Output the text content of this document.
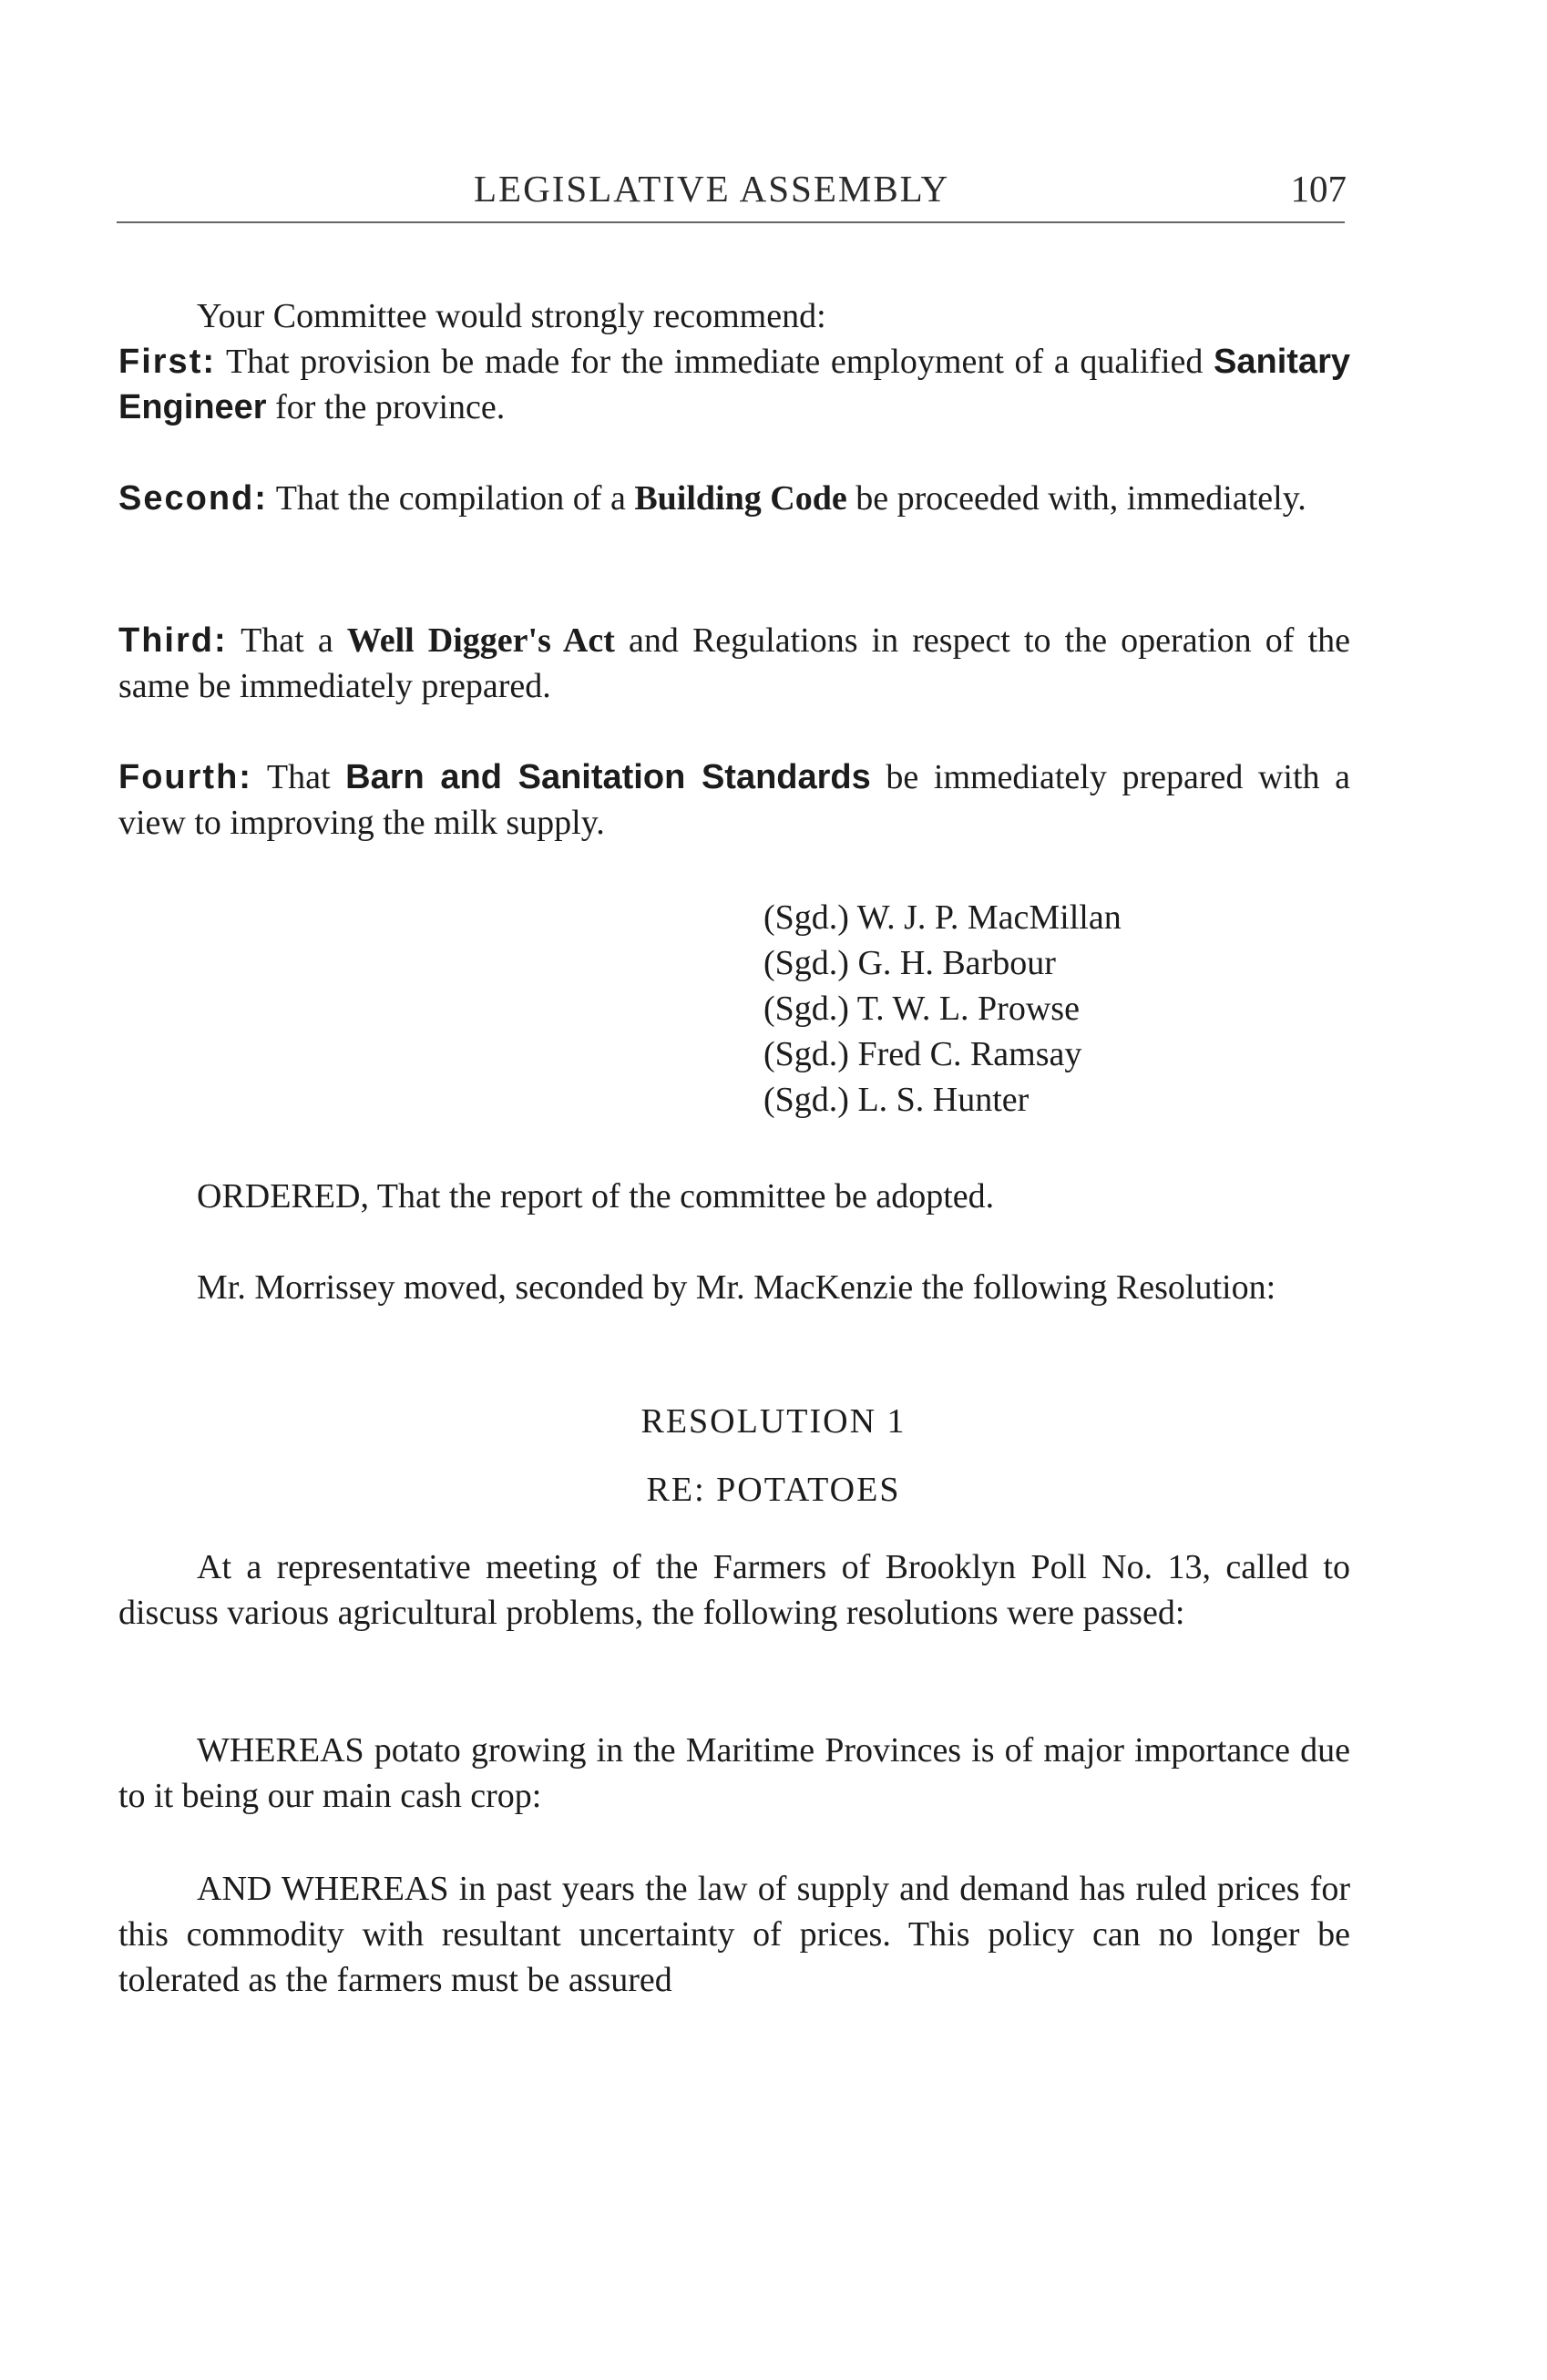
LEGISLATIVE ASSEMBLY	107
Your Committee would strongly recommend:
First: That provision be made for the immediate employment of a qualified Sanitary Engineer for the province.
Second: That the compilation of a Building Code be proceeded with, immediately.
Third: That a Well Digger's Act and Regulations in respect to the operation of the same be immediately prepared.
Fourth: That Barn and Sanitation Standards be immediately prepared with a view to improving the milk supply.
(Sgd.) W. J. P. MacMillan
(Sgd.) G. H. Barbour
(Sgd.) T. W. L. Prowse
(Sgd.) Fred C. Ramsay
(Sgd.) L. S. Hunter
ORDERED, That the report of the committee be adopted.
Mr. Morrissey moved, seconded by Mr. MacKenzie the following Resolution:
RESOLUTION 1
RE: POTATOES
At a representative meeting of the Farmers of Brooklyn Poll No. 13, called to discuss various agricultural problems, the following resolutions were passed:
WHEREAS potato growing in the Maritime Provinces is of major importance due to it being our main cash crop:
AND WHEREAS in past years the law of supply and demand has ruled prices for this commodity with resultant uncertainty of prices. This policy can no longer be tolerated as the farmers must be assured
